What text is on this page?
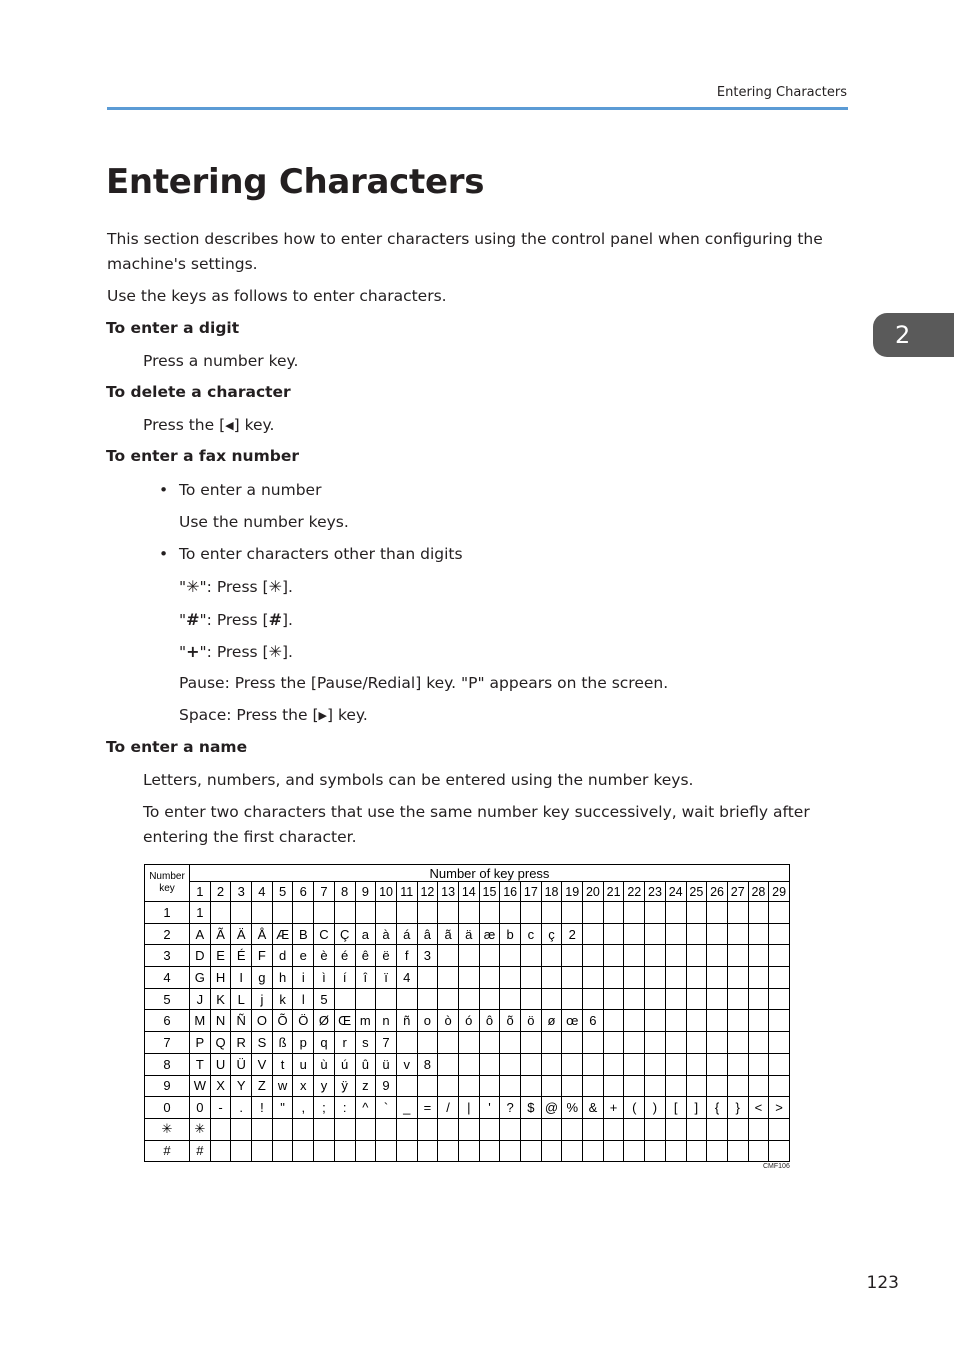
Entering Characters
2
Entering Characters

This section describes how to enter characters using the control panel when configuring the machine's settings.

Use the keys as follows to enter characters.

To enter a digit

Press a number key.

To delete a character

Press the [◀] key.

To enter a fax number

• To enter a number

Use the number keys.

• To enter characters other than digits

"✳": Press [✳].

"#": Press [#].

"+": Press [✳].

Pause: Press the [Pause/Redial] key. "P" appears on the screen.

Space: Press the [▶] key.

To enter a name

Letters, numbers, and symbols can be entered using the number keys.

To enter two characters that use the same number key successively, wait briefly after entering the first character.

Number
key	Number of key press																												
	1	2	3	4	5	6	7	8	9	10	11	12	13	14	15	16	17	18	19	20	21	22	23	24	25	26	27	28	29
1	1																												
2	A	Ã	Ä	Å	Æ	B	C	Ç	a	à	á	â	ã	ä	æ	b	c	ç	2										
3	D	E	É	F	d	e	è	é	ê	ë	f	3																	
4	G	H	I	g	h	i	ì	í	î	ï	4																		
5	J	K	L	j	k	l	5																						
6	M	N	Ñ	O	Õ	Ö	Ø	Œ	m	n	ñ	o	ò	ó	ô	õ	ö	ø	œ	6									
7	P	Q	R	S	ß	p	q	r	s	7																			
8	T	U	Ü	V	t	u	ù	ú	û	ü	v	8																	
9	W	X	Y	Z	w	x	y	ÿ	z	9																			
0	0	-	.	!	"	,	;	:	^	`	_	=	/	|	'	?	$	@	%	&	+	(	)	[	]	{	}	<	>
✳	✳																												
#	#																												
CMF106
123
